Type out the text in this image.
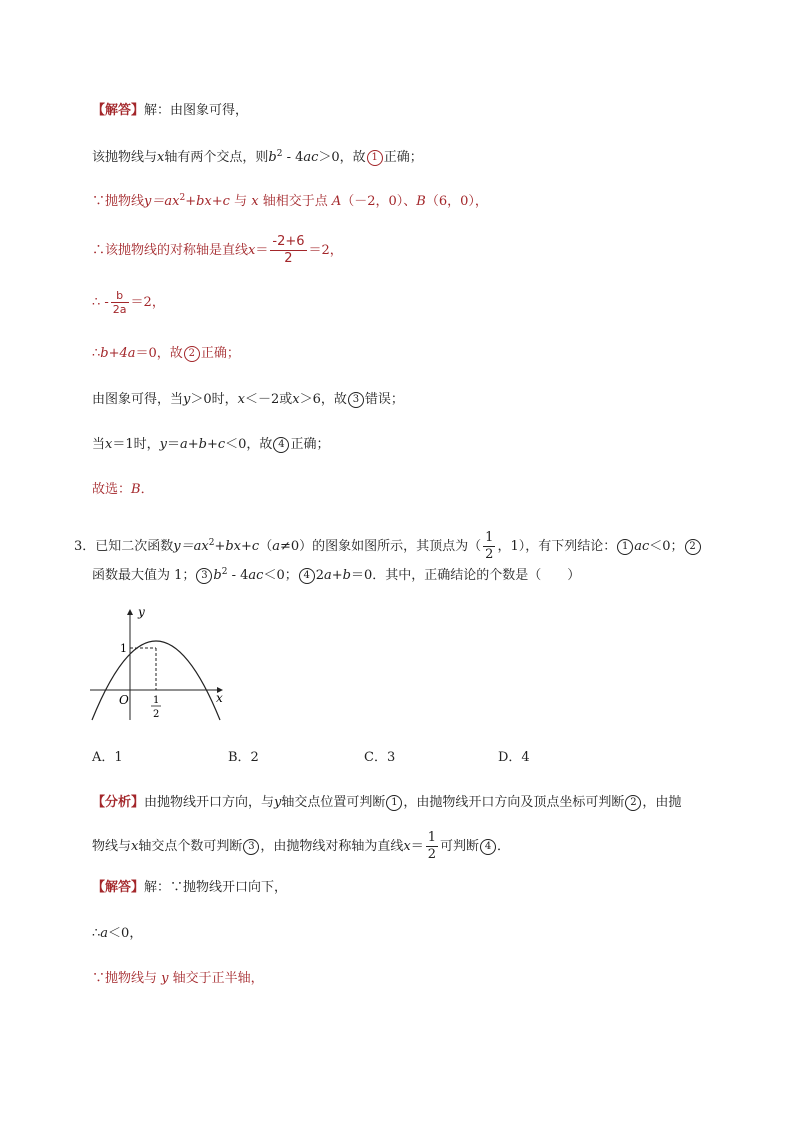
【解答】解：由图象可得，
该抛物线与x轴有两个交点，则$b^2 - 4ac>0$，故 1 正确；
∵抛物线$y=ax^2+bx+c$ 与 x 轴相交于点 A（－2，0）、B（6，0），
∴该抛物线的对称轴是直线$x= \frac{-2+6}{2} =2$，
∴ - $\frac{b}{2a} =2$，
∴b+4a＝0，故 2 正确；
由图象可得，当y＞0时，x＜－2或x＞6，故 3 错误；
当x＝1时，y＝a+b+c＜0，故 4 正确；
故选：B．
3．已知二次函数$y=ax^2+bx+c(a\ne 0)$的图象如图所示，其顶点为（ $\frac{1}{2}$ ，1），有下列结论： 1 ac＜0； 2
函数最大值为 1； 3 $b^2 - 4ac<0$； 4 2a+b＝0．其中，正确结论的个数是（　　）
y
x
O
1
1
2
A．1	B．2	C．3	D．4
【分析】由抛物线开口方向，与y轴交点位置可判断 1 ，由抛物线开口方向及顶点坐标可判断 2 ，由抛
物线与x轴交点个数可判断 3 ，由抛物线对称轴为直线$x= \frac{1}{2}$ 可判断 4 ．
【解答】解：∵抛物线开口向下，
∴a＜0，
∵抛物线与 y 轴交于正半轴，
